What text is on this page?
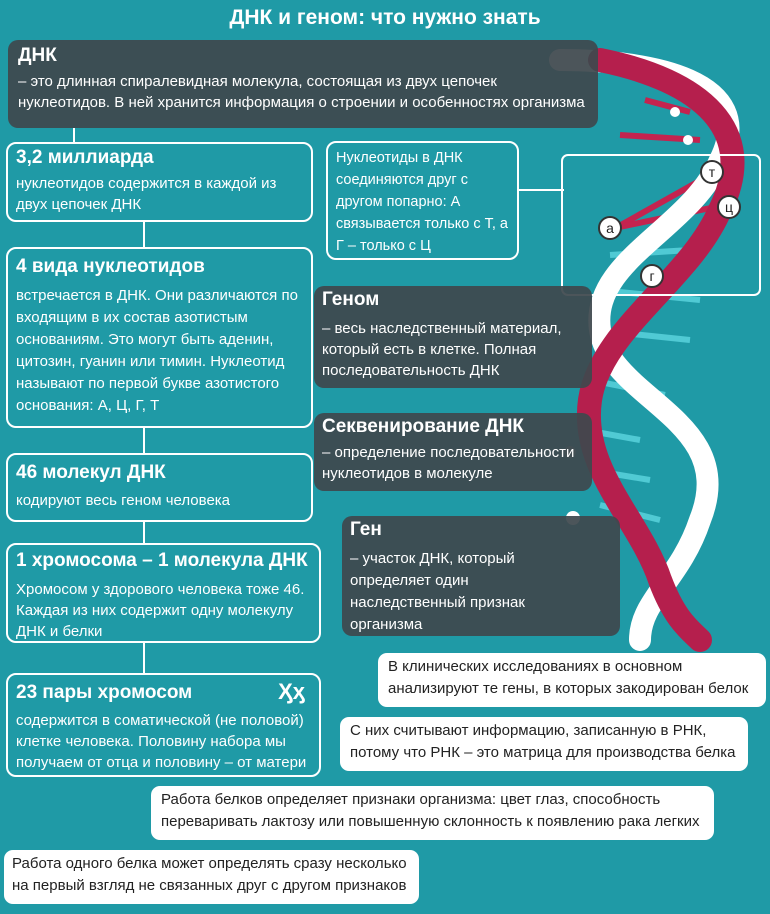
ДНК и геном: что нужно знать
ДНК
– это длинная спиралевидная молекула, состоящая из двух цепочек нуклеотидов. В ней хранится информация о строении и особенностях организма
3,2 миллиарда
нуклеотидов содержится в каждой из двух цепочек ДНК
4 вида нуклеотидов
встречается в ДНК. Они различаются по входящим в их состав азотистым основаниям. Это могут быть аденин, цитозин, гуанин или тимин. Нуклеотид называют по первой букве азотистого основания: А, Ц, Г, Т
46 молекул ДНК
кодируют весь геном человека
1 хромосома – 1 молекула ДНК
Хромосом у здорового человека тоже 46. Каждая из них содержит одну молекулу ДНК и белки
23 пары хромосом	Ӽӽ
содержится в соматической (не половой) клетке человека. Половину набора мы получаем от отца и половину – от матери
Нуклеотиды в ДНК соединяются друг с другом попарно: А связывается только с Т, а Г – только с Ц
а
т
ц
г
Геном
– весь наследственный материал, который есть в клетке. Полная последовательность ДНК
Секвенирование ДНК
– определение последовательности нуклеотидов в молекуле
Ген
– участок ДНК, который определяет один наследственный признак организма
В клинических исследованиях в основном анализируют те гены, в которых закодирован белок
С них считывают информацию, записанную в РНК, потому что РНК – это матрица для производства белка
Работа белков определяет признаки организма: цвет глаз, способность переваривать лактозу или повышенную склонность к появлению рака легких
Работа одного белка может определять сразу несколько на первый взгляд не связанных друг с другом признаков
